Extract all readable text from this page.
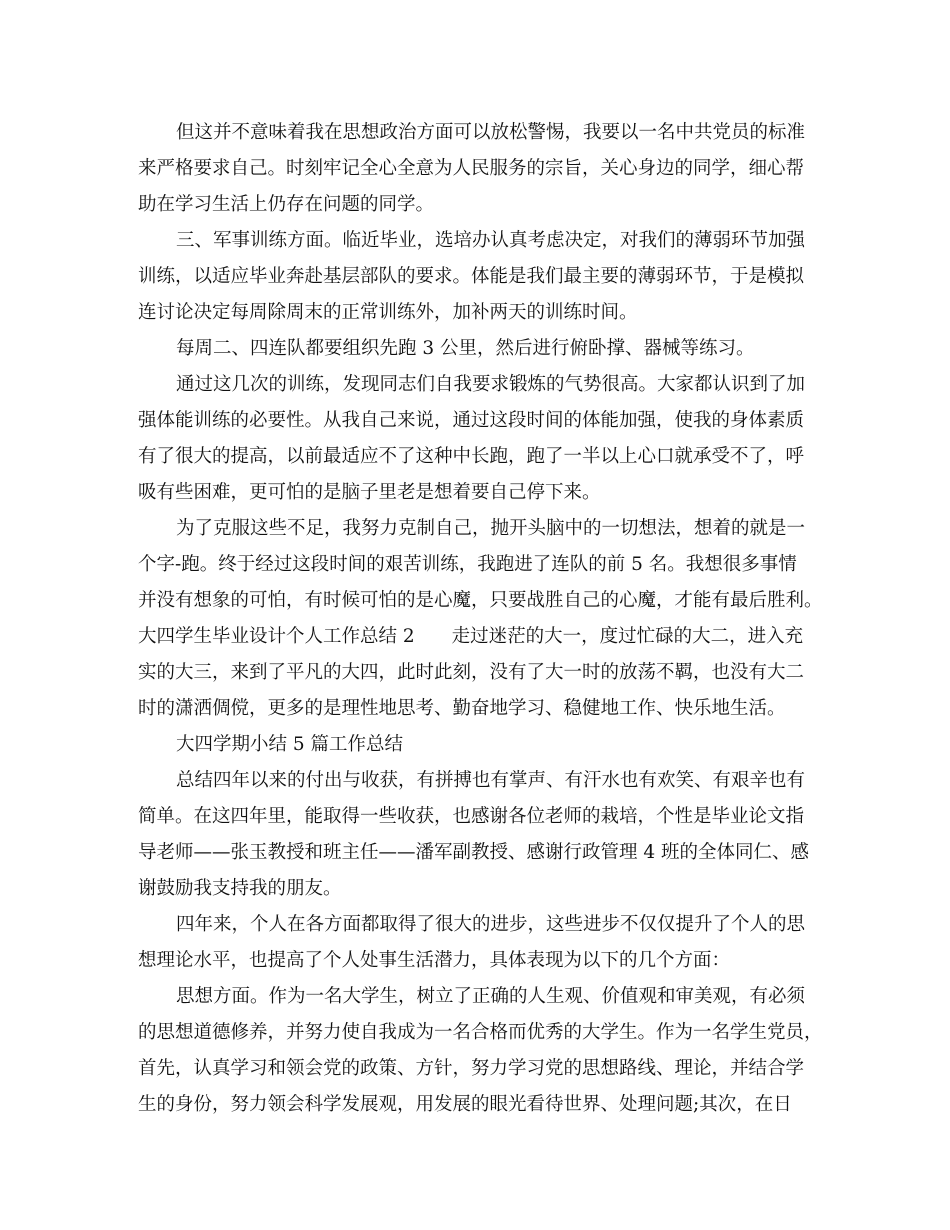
但这并不意味着我在思想政治方面可以放松警惕，我要以一名中共党员的标准
来严格要求自己。时刻牢记全心全意为人民服务的宗旨，关心身边的同学，细心帮
助在学习生活上仍存在问题的同学。
三、军事训练方面。临近毕业，选培办认真考虑决定，对我们的薄弱环节加强
训练，以适应毕业奔赴基层部队的要求。体能是我们最主要的薄弱环节，于是模拟
连讨论决定每周除周末的正常训练外，加补两天的训练时间。
每周二、四连队都要组织先跑 3 公里，然后进行俯卧撑、器械等练习。
通过这几次的训练，发现同志们自我要求锻炼的气势很高。大家都认识到了加
强体能训练的必要性。从我自己来说，通过这段时间的体能加强，使我的身体素质
有了很大的提高，以前最适应不了这种中长跑，跑了一半以上心口就承受不了，呼
吸有些困难，更可怕的是脑子里老是想着要自己停下来。
为了克服这些不足，我努力克制自己，抛开头脑中的一切想法，想着的就是一
个字-跑。终于经过这段时间的艰苦训练，我跑进了连队的前 5 名。我想很多事情
并没有想象的可怕，有时候可怕的是心魔，只要战胜自己的心魔，才能有最后胜利。
大四学生毕业设计个人工作总结 2　　走过迷茫的大一，度过忙碌的大二，进入充
实的大三，来到了平凡的大四，此时此刻，没有了大一时的放荡不羁，也没有大二
时的潇洒倜傥，更多的是理性地思考、勤奋地学习、稳健地工作、快乐地生活。
大四学期小结 5 篇工作总结
总结四年以来的付出与收获，有拼搏也有掌声、有汗水也有欢笑、有艰辛也有
简单。在这四年里，能取得一些收获，也感谢各位老师的栽培，个性是毕业论文指
导老师——张玉教授和班主任——潘军副教授、感谢行政管理 4 班的全体同仁、感
谢鼓励我支持我的朋友。
四年来，个人在各方面都取得了很大的进步，这些进步不仅仅提升了个人的思
想理论水平，也提高了个人处事生活潜力，具体表现为以下的几个方面：
思想方面。作为一名大学生，树立了正确的人生观、价值观和审美观，有必须
的思想道德修养，并努力使自我成为一名合格而优秀的大学生。作为一名学生党员，
首先，认真学习和领会党的政策、方针，努力学习党的思想路线、理论，并结合学
生的身份，努力领会科学发展观，用发展的眼光看待世界、处理问题;其次，在日
